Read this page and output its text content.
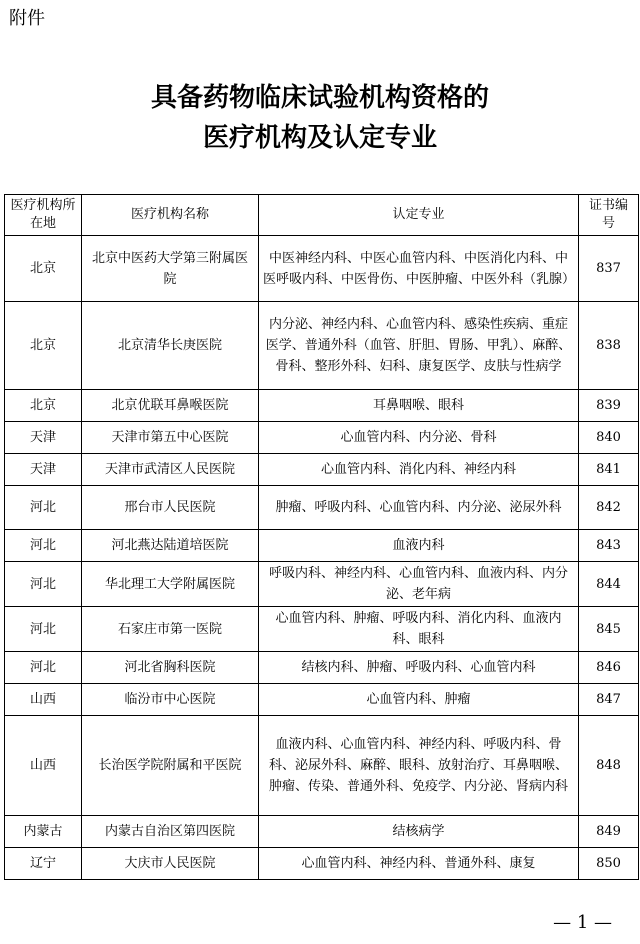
附件
具备药物临床试验机构资格的
医疗机构及认定专业
医疗机构所在地	医疗机构名称	认定专业	证书编号
北京	北京中医药大学第三附属医院	中医神经内科、中医心血管内科、中医消化内科、中医呼吸内科、中医骨伤、中医肿瘤、中医外科（乳腺）	837
北京	北京清华长庚医院	内分泌、神经内科、心血管内科、感染性疾病、重症医学、普通外科（血管、肝胆、胃肠、甲乳）、麻醉、骨科、整形外科、妇科、康复医学、皮肤与性病学	838
北京	北京优联耳鼻喉医院	耳鼻咽喉、眼科	839
天津	天津市第五中心医院	心血管内科、内分泌、骨科	840
天津	天津市武清区人民医院	心血管内科、消化内科、神经内科	841
河北	邢台市人民医院	肿瘤、呼吸内科、心血管内科、内分泌、泌尿外科	842
河北	河北燕达陆道培医院	血液内科	843
河北	华北理工大学附属医院	呼吸内科、神经内科、心血管内科、血液内科、内分泌、老年病	844
河北	石家庄市第一医院	心血管内科、肿瘤、呼吸内科、消化内科、血液内科、眼科	845
河北	河北省胸科医院	结核内科、肿瘤、呼吸内科、心血管内科	846
山西	临汾市中心医院	心血管内科、肿瘤	847
山西	长治医学院附属和平医院	血液内科、心血管内科、神经内科、呼吸内科、骨科、泌尿外科、麻醉、眼科、放射治疗、耳鼻咽喉、肿瘤、传染、普通外科、免疫学、内分泌、肾病内科	848
内蒙古	内蒙古自治区第四医院	结核病学	849
辽宁	大庆市人民医院	心血管内科、神经内科、普通外科、康复	850
— 1 —
